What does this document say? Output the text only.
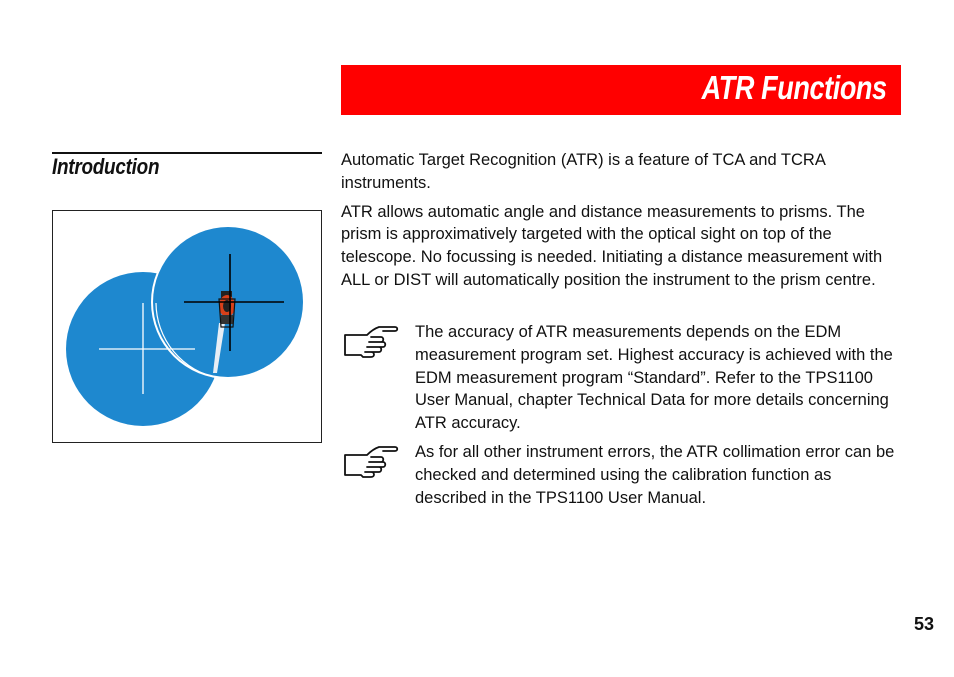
ATR Functions
Introduction	Automatic Target Recognition (ATR) is a feature of TCA and TCRA instruments.

ATR allows automatic angle and distance measurements to prisms. The prism is approximatively targeted with the optical sight on top of the telescope. No focussing is needed. Initiating a distance measurement with ALL or DIST will automatically position the instrument to the prism centre.

The accuracy of ATR measurements depends on the EDM measurement program set. Highest accuracy is achieved with the EDM measurement program “Standard”. Refer to the TPS1100 User Manual, chapter Technical Data for more details concerning ATR accuracy.
As for all other instrument errors, the ATR collimation error can be checked and determined using the calibration function as described in the TPS1100 User Manual.
53
